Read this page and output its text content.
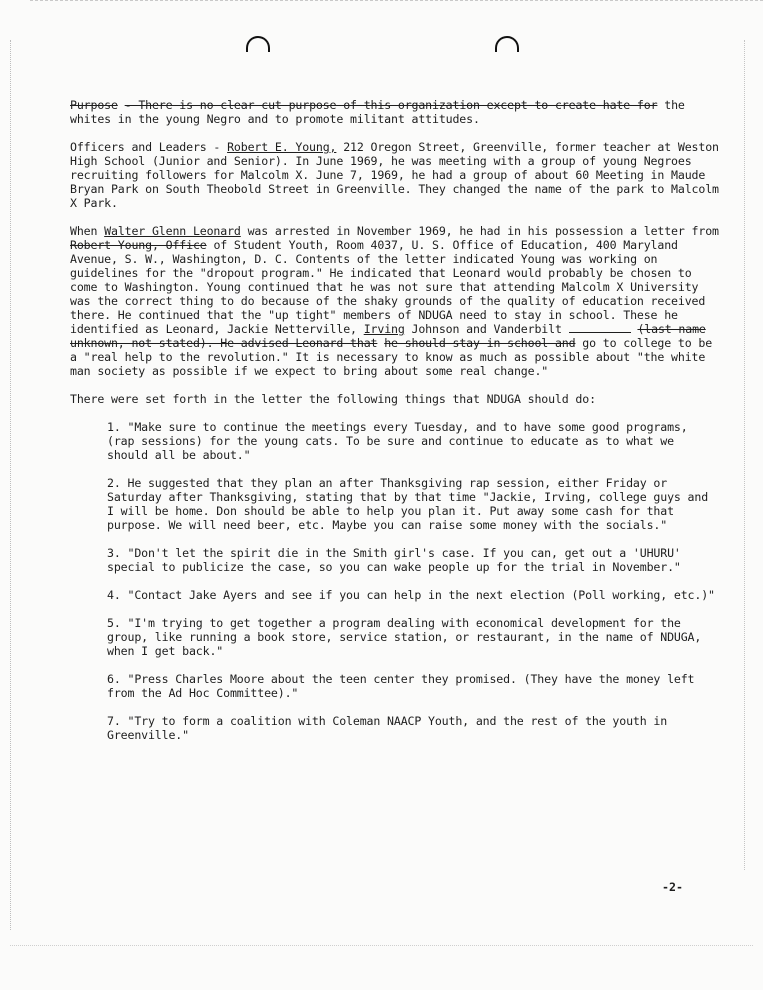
Purpose - There is no clear cut purpose of this organization except to create hate for the whites in the young Negro and to promote militant attitudes.

Officers and Leaders - Robert E. Young, 212 Oregon Street, Greenville, former teacher at Weston High School (Junior and Senior). In June 1969, he was meeting with a group of young Negroes recruiting followers for Malcolm X. June 7, 1969, he had a group of about 60 Meeting in Maude Bryan Park on South Theobold Street in Greenville. They changed the name of the park to Malcolm X Park.

When Walter Glenn Leonard was arrested in November 1969, he had in his possession a letter from Robert Young, Office of Student Youth, Room 4037, U. S. Office of Education, 400 Maryland Avenue, S. W., Washington, D. C. Contents of the letter indicated Young was working on guidelines for the "dropout program." He indicated that Leonard would probably be chosen to come to Washington. Young continued that he was not sure that attending Malcolm X University was the correct thing to do because of the shaky grounds of the quality of education received there. He continued that the "up tight" members of NDUGA need to stay in school. These he identified as Leonard, Jackie Netterville, Irving Johnson and Vanderbilt	(last name unknown, not stated). He advised Leonard that he should stay in school and go to college to be a "real help to the revolution." It is necessary to know as much as possible about "the white man society as possible if we expect to bring about some real change."

There were set forth in the letter the following things that NDUGA should do:

1. "Make sure to continue the meetings every Tuesday, and to have some good programs, (rap sessions) for the young cats. To be sure and continue to educate as to what we should all be about."

2. He suggested that they plan an after Thanksgiving rap session, either Friday or Saturday after Thanksgiving, stating that by that time "Jackie, Irving, college guys and I will be home. Don should be able to help you plan it. Put away some cash for that purpose. We will need beer, etc. Maybe you can raise some money with the socials."

3. "Don't let the spirit die in the Smith girl's case. If you can, get out a 'UHURU' special to publicize the case, so you can wake people up for the trial in November."

4. "Contact Jake Ayers and see if you can help in the next election (Poll working, etc.)"

5. "I'm trying to get together a program dealing with economical development for the group, like running a book store, service station, or restaurant, in the name of NDUGA, when I get back."

6. "Press Charles Moore about the teen center they promised. (They have the money left from the Ad Hoc Committee)."

7. "Try to form a coalition with Coleman NAACP Youth, and the rest of the youth in Greenville."

-2-
